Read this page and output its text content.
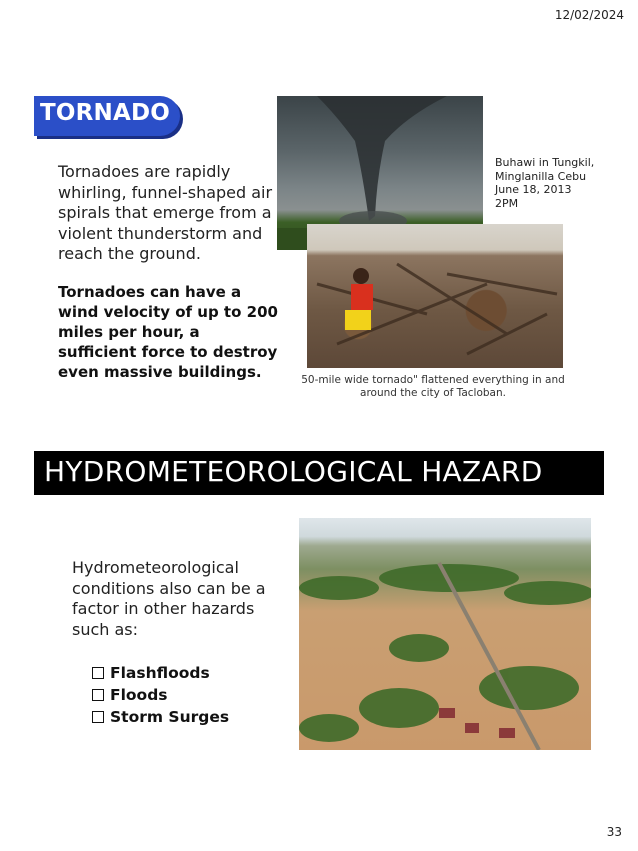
12/02/2024
TORNADO
Tornadoes are rapidly whirling, funnel-shaped air spirals that emerge from a violent thunderstorm and reach the ground.
Tornadoes can have a wind velocity of up to 200 miles per hour, a sufficient force to destroy even massive buildings.
Buhawi in Tungkil,
Minglanilla Cebu
June 18, 2013
2PM
50-mile wide tornado" flattened everything in and around the city of Tacloban.
HYDROMETEOROLOGICAL HAZARD
Hydrometeorological conditions also can be a factor in other hazards such as:
Flashfloods
Floods
Storm Surges
33
